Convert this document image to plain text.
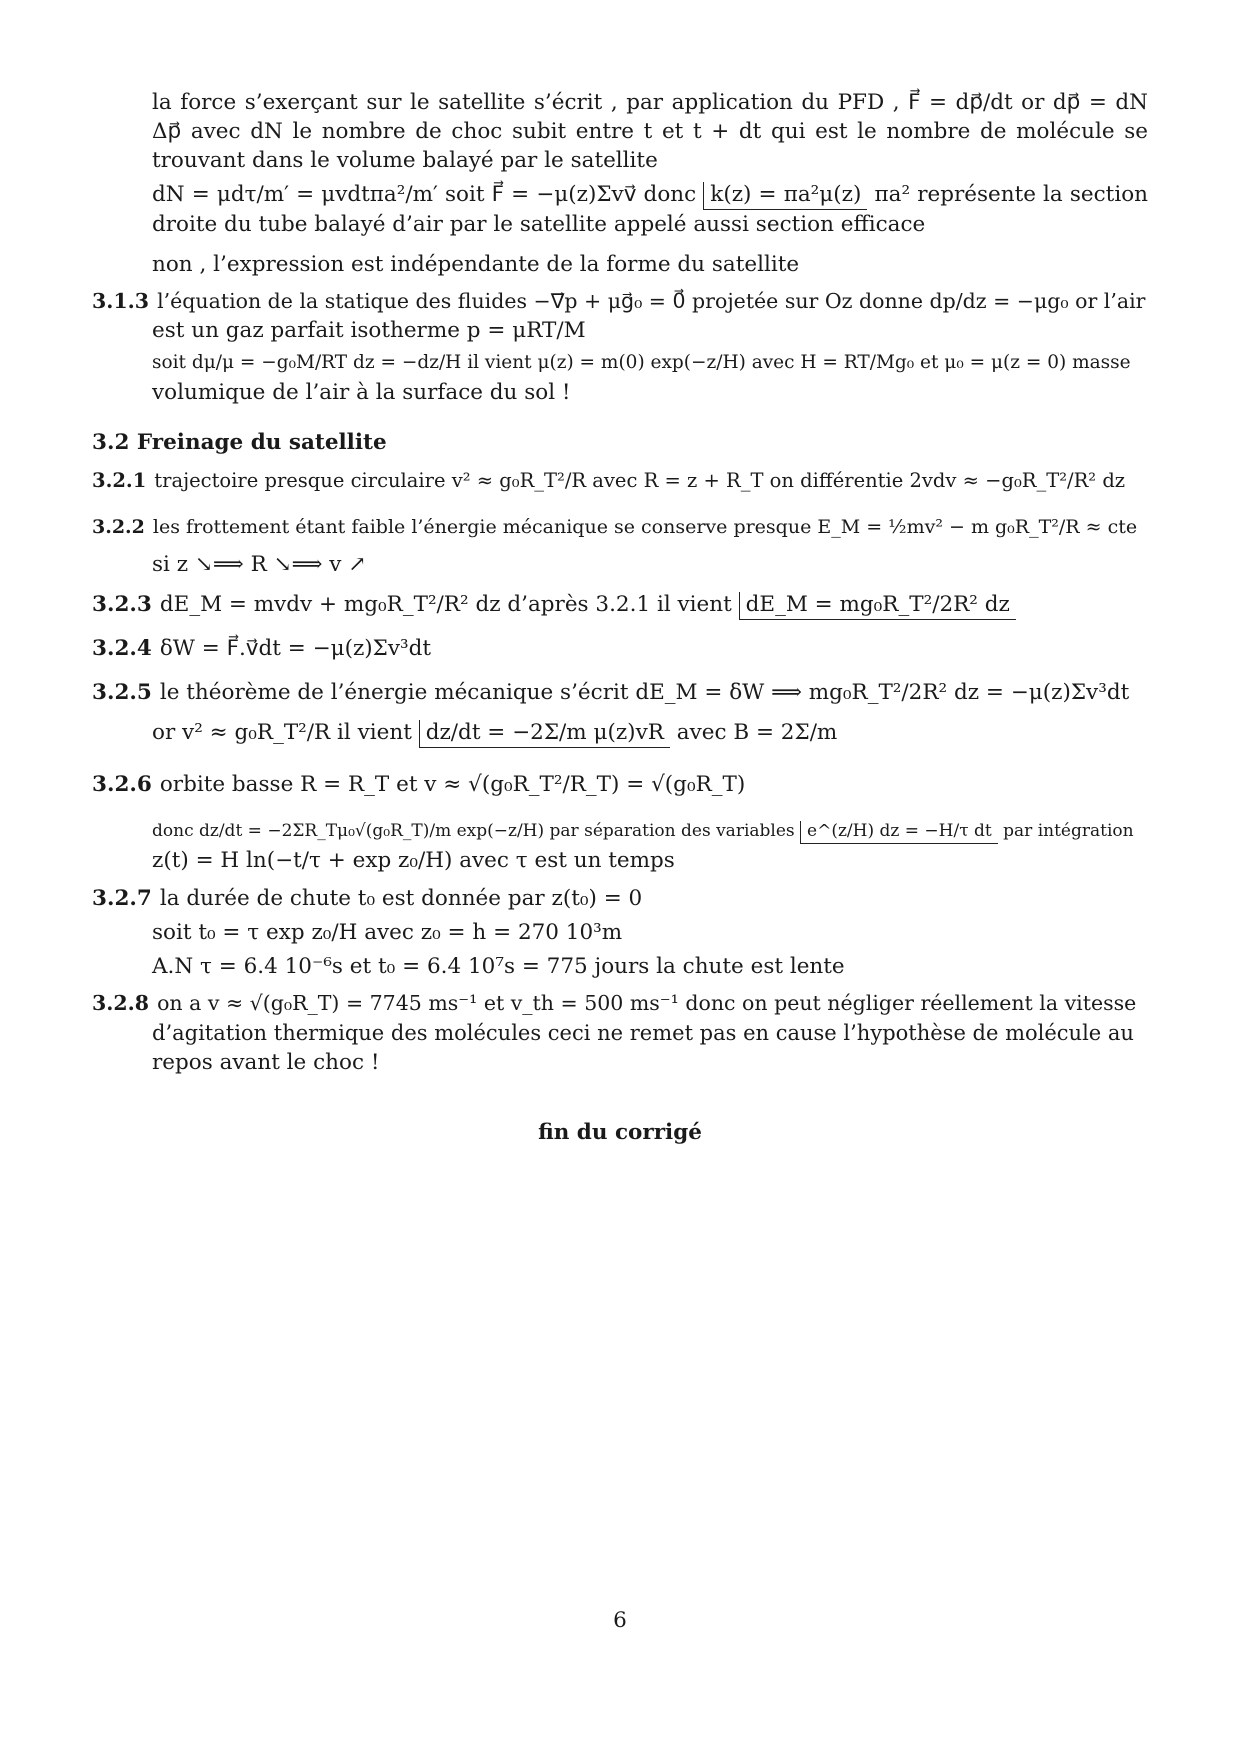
la force s’exerçant sur le satellite s’écrit , par application du PFD , F⃗ = dp⃗/dt or dp⃗ = dN Δp⃗ avec dN le nombre de choc subit entre t et t + dt qui est le nombre de molécule se trouvant dans le volume balayé par le satellite
dN = μdτ/m′ = μvdtπa²/m′ soit F⃗ = −μ(z)Σvv⃗ donc k(z) = πa²μ(z) πa² représente la section droite du tube balayé d’air par le satellite appelé aussi section efficace
non , l’expression est indépendante de la forme du satellite
3.1.3 l’équation de la statique des fluides −∇⃗p + μg⃗₀ = 0⃗ projetée sur Oz donne dp/dz = −μg₀ or l’air
est un gaz parfait isotherme p = μRT/M
soit dμ/μ = −g₀M/RT dz = −dz/H il vient μ(z) = m(0) exp(−z/H) avec H = RT/Mg₀ et μ₀ = μ(z = 0) masse
volumique de l’air à la surface du sol !
3.2 Freinage du satellite
3.2.1 trajectoire presque circulaire v² ≈ g₀R_T²/R avec R = z + R_T on différentie 2vdv ≈ −g₀R_T²/R² dz
3.2.2 les frottement étant faible l’énergie mécanique se conserve presque E_M = ½mv² − m g₀R_T²/R ≈ cte
si z ↘⟹ R ↘⟹ v ↗
3.2.3 dE_M = mvdv + mg₀R_T²/R² dz d’après 3.2.1 il vient dE_M = mg₀R_T²/2R² dz
3.2.4 δW = F⃗.v⃗dt = −μ(z)Σv³dt
3.2.5 le théorème de l’énergie mécanique s’écrit dE_M = δW ⟹ mg₀R_T²/2R² dz = −μ(z)Σv³dt
or v² ≈ g₀R_T²/R il vient dz/dt = −2Σ/m μ(z)vR avec B = 2Σ/m
3.2.6 orbite basse R = R_T et v ≈ √(g₀R_T²/R_T) = √(g₀R_T)
donc dz/dt = −2ΣR_Tμ₀√(g₀R_T)/m exp(−z/H) par séparation des variables e^(z/H) dz = −H/τ dt par intégration
z(t) = H ln(−t/τ + exp z₀/H) avec τ est un temps
3.2.7 la durée de chute t₀ est donnée par z(t₀) = 0
soit t₀ = τ exp z₀/H avec z₀ = h = 270 10³m
A.N τ = 6.4 10⁻⁶s et t₀ = 6.4 10⁷s = 775 jours la chute est lente
3.2.8 on a v ≈ √(g₀R_T) = 7745 ms⁻¹ et v_th = 500 ms⁻¹ donc on peut négliger réellement la vitesse
d’agitation thermique des molécules ceci ne remet pas en cause l’hypothèse de molécule au
repos avant le choc !
fin du corrigé
6
